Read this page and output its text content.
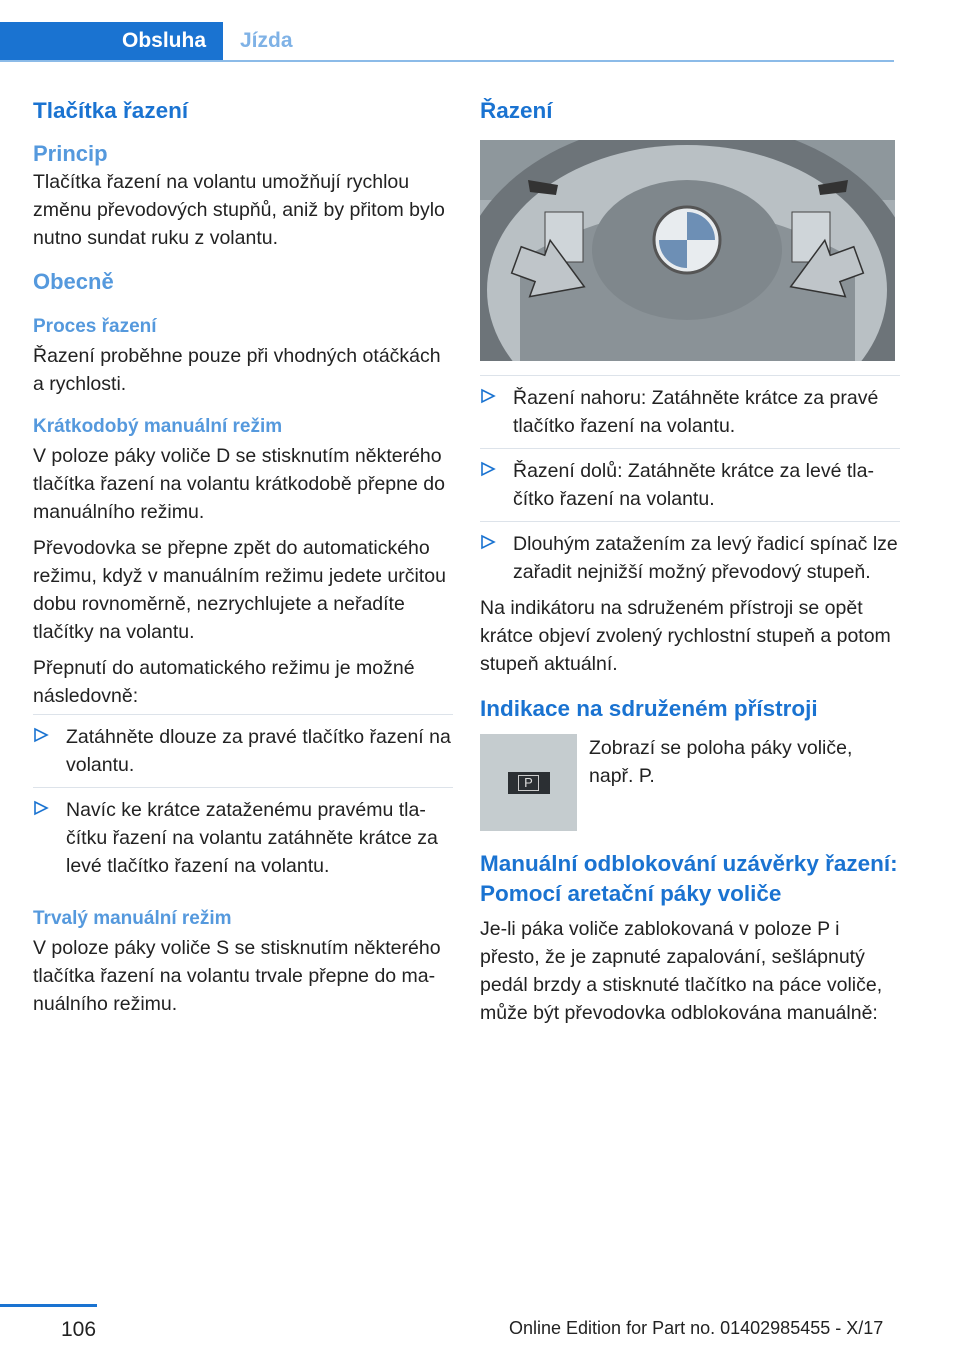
Obsluha	Jízda
Tlačítka řazení
Princip

Tlačítka řazení na volantu umožňují rychlou změnu převodových stupňů, aniž by přitom bylo nutno sundat ruku z volantu.

Obecně
Proces řazení

Řazení proběhne pouze při vhodných otáčkách a rychlosti.

Krátkodobý manuální režim

V poloze páky voliče D se stisknutím některého tlačítka řazení na volantu krátkodobě přepne do manuálního režimu.

Převodovka se přepne zpět do automatického režimu, když v manuálním režimu jedete určitou dobu rovnoměrně, nezrychlujete a neřadíte tlačítky na volantu.

Přepnutí do automatického režimu je možné následovně:

Zatáhněte dlouze za pravé tlačítko řazení na volantu.
Navíc ke krátce zataženému pravému tlačítku řazení na volantu zatáhněte krátce za levé tlačítko řazení na volantu.
Trvalý manuální režim

V poloze páky voliče S se stisknutím některého tlačítka řazení na volantu trvale přepne do manuálního režimu.

Řazení
Řazení nahoru: Zatáhněte krátce za pravé tlačítko řazení na volantu.
Řazení dolů: Zatáhněte krátce za levé tlačítko řazení na volantu.
Dlouhým zatažením za levý řadicí spínač lze zařadit nejnižší možný převodový stupeň.

Na indikátoru na sdruženém přístroji se opět krátce objeví zvolený rychlostní stupeň a potom stupeň aktuální.

Indikace na sdruženém přístroji
P

Zobrazí se poloha páky voliče, např. P.

Manuální odblokování uzávěrky řazení: Pomocí aretační páky voliče

Je-li páka voliče zablokovaná v poloze P i přesto, že je zapnuté zapalování, sešlápnutý pedál brzdy a stisknuté tlačítko na páce voliče, může být převodovka odblokována manuálně:

106	Online Edition for Part no. 01402985455 - X/17
